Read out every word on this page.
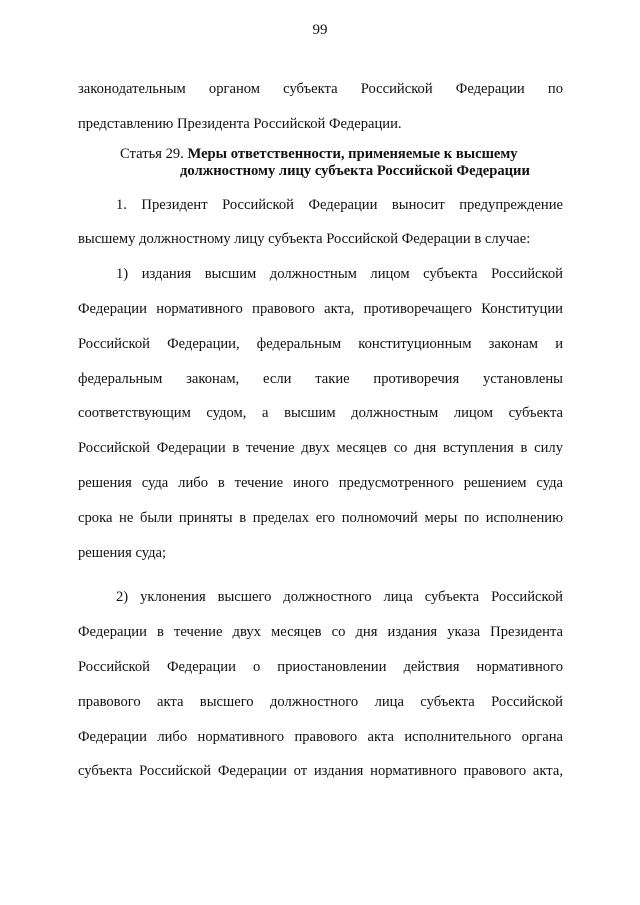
99
законодательным органом субъекта Российской Федерации по
представлению Президента Российской Федерации.
Статья 29. Меры ответственности, применяемые к высшему
должностному лицу субъекта Российской Федерации
1. Президент Российской Федерации выносит предупреждение
высшему должностному лицу субъекта Российской Федерации в случае:
1) издания высшим должностным лицом субъекта Российской
Федерации нормативного правового акта, противоречащего Конституции
Российской Федерации, федеральным конституционным законам и
федеральным законам, если такие противоречия установлены
соответствующим судом, а высшим должностным лицом субъекта
Российской Федерации в течение двух месяцев со дня вступления в силу
решения суда либо в течение иного предусмотренного решением суда
срока не были приняты в пределах его полномочий меры по исполнению
решения суда;
2) уклонения высшего должностного лица субъекта Российской
Федерации в течение двух месяцев со дня издания указа Президента
Российской Федерации о приостановлении действия нормативного
правового акта высшего должностного лица субъекта Российской
Федерации либо нормативного правового акта исполнительного органа
субъекта Российской Федерации от издания нормативного правового акта,
